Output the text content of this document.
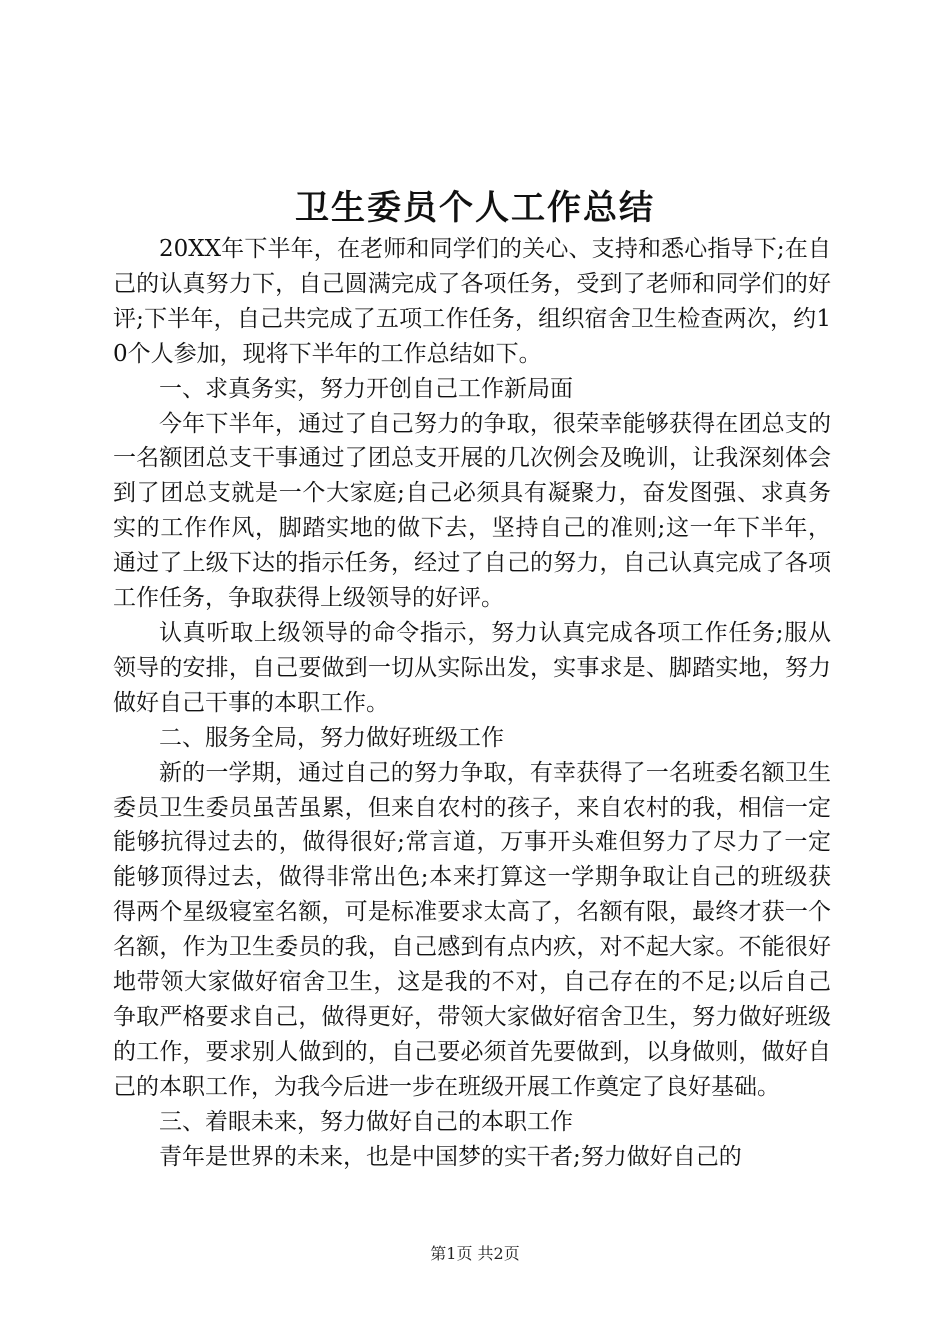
卫生委员个人工作总结

20XX年下半年，在老师和同学们的关心、支持和悉心指导下;在自己的认真努力下，自己圆满完成了各项任务，受到了老师和同学们的好评;下半年，自己共完成了五项工作任务，组织宿舍卫生检查两次，约10个人参加，现将下半年的工作总结如下。

一、求真务实，努力开创自己工作新局面

今年下半年，通过了自己努力的争取，很荣幸能够获得在团总支的一名额团总支干事通过了团总支开展的几次例会及晚训，让我深刻体会到了团总支就是一个大家庭;自己必须具有凝聚力，奋发图强、求真务实的工作作风，脚踏实地的做下去，坚持自己的准则;这一年下半年，通过了上级下达的指示任务，经过了自己的努力，自己认真完成了各项工作任务，争取获得上级领导的好评。

认真听取上级领导的命令指示，努力认真完成各项工作任务;服从领导的安排，自己要做到一切从实际出发，实事求是、脚踏实地，努力做好自己干事的本职工作。

二、服务全局，努力做好班级工作

新的一学期，通过自己的努力争取，有幸获得了一名班委名额卫生委员卫生委员虽苦虽累，但来自农村的孩子，来自农村的我，相信一定能够抗得过去的，做得很好;常言道，万事开头难但努力了尽力了一定能够顶得过去，做得非常出色;本来打算这一学期争取让自己的班级获得两个星级寝室名额，可是标准要求太高了，名额有限，最终才获一个名额，作为卫生委员的我，自己感到有点内疚，对不起大家。不能很好地带领大家做好宿舍卫生，这是我的不对，自己存在的不足;以后自己争取严格要求自己，做得更好，带领大家做好宿舍卫生，努力做好班级的工作，要求别人做到的，自己要必须首先要做到，以身做则，做好自己的本职工作，为我今后进一步在班级开展工作奠定了良好基础。

三、着眼未来，努力做好自己的本职工作

青年是世界的未来，也是中国梦的实干者;努力做好自己的

第1页 共2页
